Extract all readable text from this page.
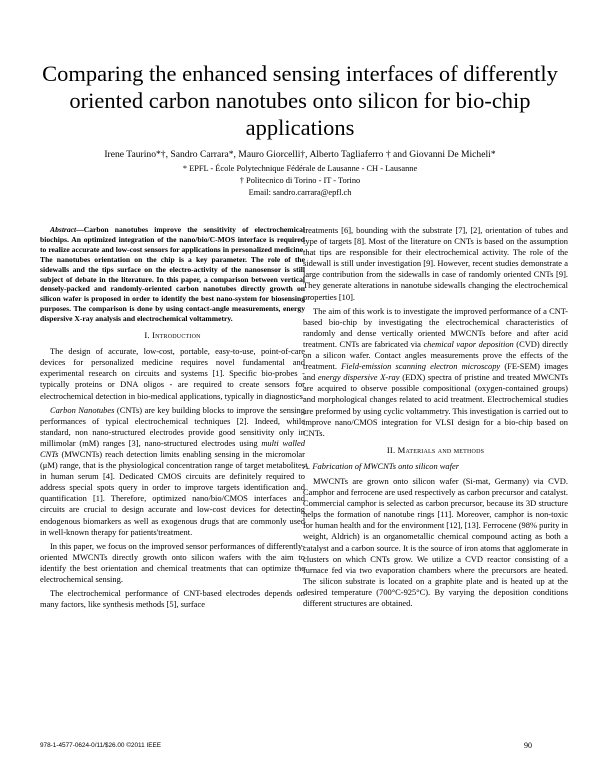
Comparing the enhanced sensing interfaces of differently oriented carbon nanotubes onto silicon for bio-chip applications
Irene Taurino*†, Sandro Carrara*, Mauro Giorcelli†, Alberto Tagliaferro † and Giovanni De Micheli*
* EPFL - École Polytechnique Fédérale de Lausanne - CH - Lausanne
† Politecnico di Torino - IT - Torino
Email: sandro.carrara@epfl.ch

Abstract—Carbon nanotubes improve the sensitivity of electrochemical biochips. An optimized integration of the nano/bio/C-MOS interface is required to realize accurate and low-cost sensors for applications in personalized medicine. The nanotubes orientation on the chip is a key parameter. The role of the sidewalls and the tips surface on the electro-activity of the nanosensor is still subject of debate in the literature. In this paper, a comparison between vertical densely-packed and randomly-oriented carbon nanotubes directly growth on silicon wafer is proposed in order to identify the best nano-system for biosensing purposes. The comparison is done by using contact-angle measurements, energy dispersive X-ray analysis and electrochemical voltammetry.

I. Introduction

The design of accurate, low-cost, portable, easy-to-use, point-of-care devices for personalized medicine requires novel fundamental and experimental research on circuits and systems [1]. Specific bio-probes - typically proteins or DNA oligos - are required to create sensors for electrochemical detection in bio-medical applications, typically in diagnostics.

Carbon Nanotubes (CNTs) are key building blocks to improve the sensing performances of typical electrochemical techniques [2]. Indeed, while standard, non nano-structured electrodes provide good sensitivity only in millimolar (mM) ranges [3], nano-structured electrodes using multi walled CNTs (MWCNTs) reach detection limits enabling sensing in the micromolar (μM) range, that is the physiological concentration range of target metabolites in human serum [4]. Dedicated CMOS circuits are definitely required to address special spots query in order to improve targets identification and quantification [1]. Therefore, optimized nano/bio/CMOS interfaces and circuits are crucial to design accurate and low-cost devices for detecting endogenous biomarkers as well as exogenous drugs that are commonly used in well-known therapy for patients'treatment.

In this paper, we focus on the improved sensor performances of differently-oriented MWCNTs directly growth onto silicon wafers with the aim to identify the best orientation and chemical treatments that can optimize the electrochemical sensing.

The electrochemical performance of CNT-based electrodes depends on many factors, like synthesis methods [5], surface

treatments [6], bounding with the substrate [7], [2], orientation of tubes and type of targets [8]. Most of the literature on CNTs is based on the assumption that tips are responsible for their electrochemical activity. The role of the sidewall is still under investigation [9]. However, recent studies demonstrate a large contribution from the sidewalls in case of randomly oriented CNTs [9]. They generate alterations in nanotube sidewalls changing the electrochemical properties [10].

The aim of this work is to investigate the improved performance of a CNT-based bio-chip by investigating the electrochemical characteristics of randomly and dense vertically oriented MWCNTs before and after acid treatment. CNTs are fabricated via chemical vapor deposition (CVD) directly on a silicon wafer. Contact angles measurements prove the effects of the treatment. Field-emission scanning electron microscopy (FE-SEM) images and energy dispersive X-ray (EDX) spectra of pristine and treated MWCNTs are acquired to observe possible compositional (oxygen-contained groups) and morphological changes related to acid treatment. Electrochemical studies are preformed by using cyclic voltammetry. This investigation is carried out to improve nano/CMOS integration for VLSI design for a bio-chip based on CNTs.

II. Materials and methods
A. Fabrication of MWCNTs onto silicon wafer

MWCNTs are grown onto silicon wafer (Si-mat, Germany) via CVD. Camphor and ferrocene are used respectively as carbon precursor and catalyst. Commercial camphor is selected as carbon precursor, because its 3D structure helps the formation of nanotube rings [11]. Moreover, camphor is non-toxic for human health and for the environment [12], [13]. Ferrocene (98% purity in weight, Aldrich) is an organometallic chemical compound acting as both a catalyst and a carbon source. It is the source of iron atoms that agglomerate in clusters on which CNTs grow. We utilize a CVD reactor consisting of a furnace fed via two evaporation chambers where the precursors are heated. The silicon substrate is located on a graphite plate and is heated up at the desired temperature (700°C-925°C). By varying the deposition conditions different structures are obtained.

978-1-4577-0624-0/11/$26.00 ©2011 IEEE	90
